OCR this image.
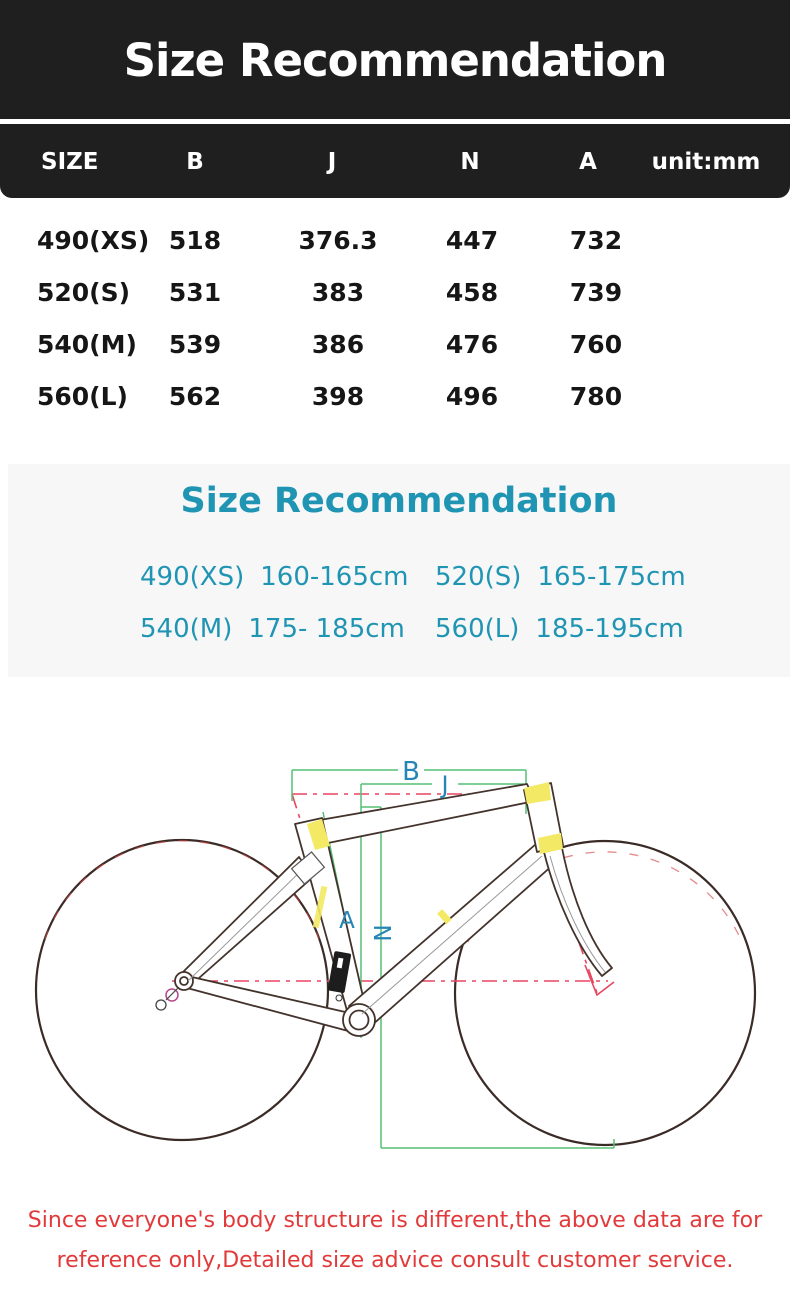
Size Recommendation
SIZE	B	J	N	A unit:mm
490(XS) 518	376.3	447	732
520(S) 531	383	458	739
540(M) 539	386	476	760
560(L) 562	398	496	780
Size Recommendation
490(XS) 160-165cm 520(S) 165-175cm
540(M) 175- 185cm 560(L) 185-195cm
B J
A N
Since everyone's body structure is different,the above data are for
reference only,Detailed size advice consult customer service.
